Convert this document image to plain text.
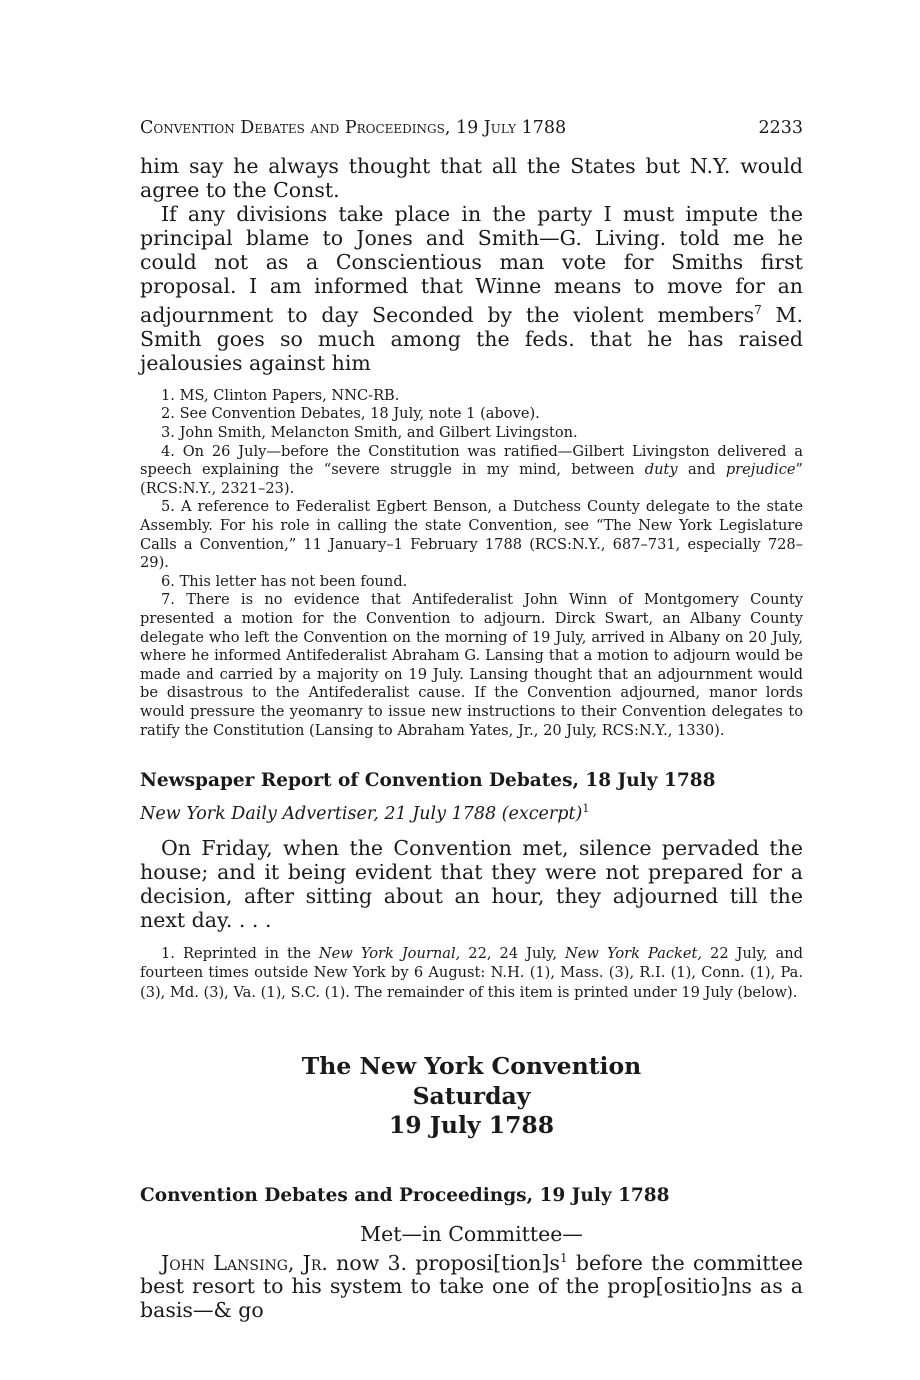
Convention Debates and Proceedings, 19 July 1788	2233

him say he always thought that all the States but N.Y. would agree to the Const.

If any divisions take place in the party I must impute the principal blame to Jones and Smith—G. Living. told me he could not as a Conscientious man vote for Smiths first proposal. I am informed that Winne means to move for an adjournment to day Seconded by the violent members$^7$ M. Smith goes so much among the feds. that he has raised jealousies against him

1. MS, Clinton Papers, NNC-RB.

2. See Convention Debates, 18 July, note 1 (above).

3. John Smith, Melancton Smith, and Gilbert Livingston.

4. On 26 July—before the Constitution was ratified—Gilbert Livingston delivered a speech explaining the “severe struggle in my mind, between duty and prejudice” (RCS:N.Y., 2321–23).

5. A reference to Federalist Egbert Benson, a Dutchess County delegate to the state Assembly. For his role in calling the state Convention, see “The New York Legislature Calls a Convention,” 11 January–1 February 1788 (RCS:N.Y., 687–731, especially 728–29).

6. This letter has not been found.

7. There is no evidence that Antifederalist John Winn of Montgomery County presented a motion for the Convention to adjourn. Dirck Swart, an Albany County delegate who left the Convention on the morning of 19 July, arrived in Albany on 20 July, where he informed Antifederalist Abraham G. Lansing that a motion to adjourn would be made and carried by a majority on 19 July. Lansing thought that an adjournment would be disastrous to the Antifederalist cause. If the Convention adjourned, manor lords would pressure the yeomanry to issue new instructions to their Convention delegates to ratify the Constitution (Lansing to Abraham Yates, Jr., 20 July, RCS:N.Y., 1330).

Newspaper Report of Convention Debates, 18 July 1788

New York Daily Advertiser, 21 July 1788 (excerpt)$^1$

On Friday, when the Convention met, silence pervaded the house; and it being evident that they were not prepared for a decision, after sitting about an hour, they adjourned till the next day. . . .

1. Reprinted in the New York Journal, 22, 24 July, New York Packet, 22 July, and fourteen times outside New York by 6 August: N.H. (1), Mass. (3), R.I. (1), Conn. (1), Pa. (3), Md. (3), Va. (1), S.C. (1). The remainder of this item is printed under 19 July (below).

The New York Convention
Saturday
19 July 1788

Convention Debates and Proceedings, 19 July 1788

Met—in Committee—

John Lansing, Jr. now 3. $proposi[tion]s^1$ before the committee best resort to his system to take one of the prop[ositio]ns as a basis—& go
